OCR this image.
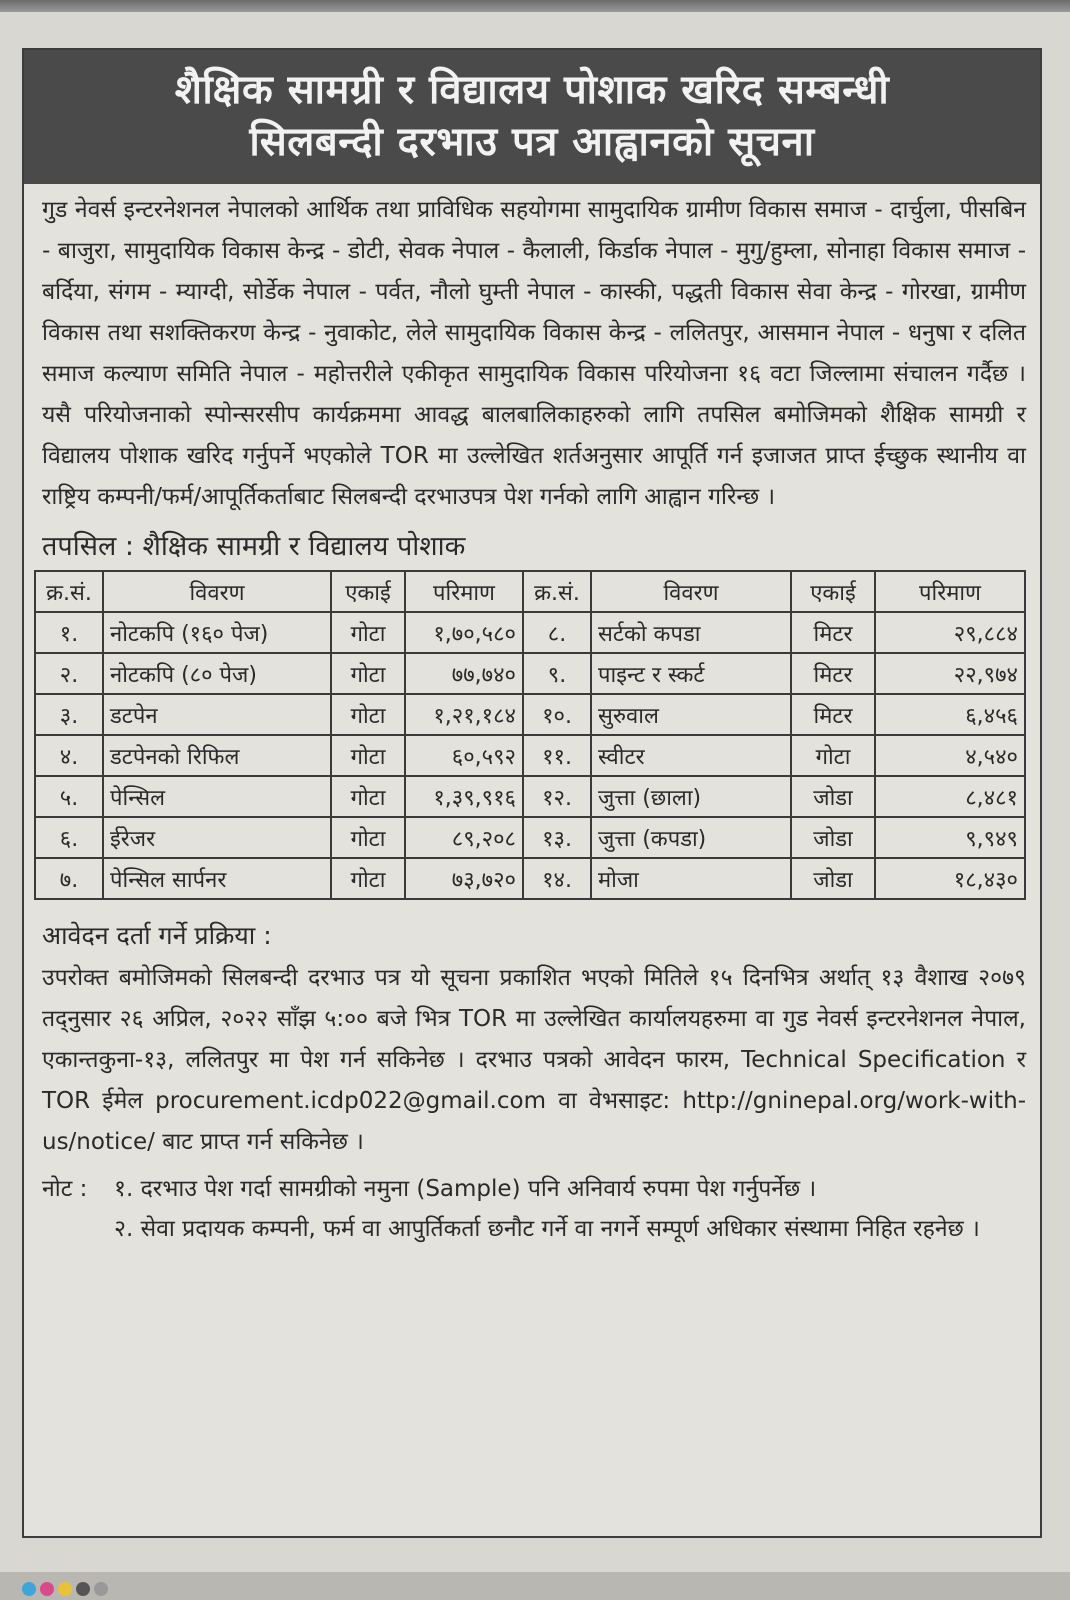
शैक्षिक सामग्री र विद्यालय पोशाक खरिद सम्बन्धी
सिलबन्दी दरभाउ पत्र आह्वानको सूचना
गुड नेवर्स इन्टरनेशनल नेपालको आर्थिक तथा प्राविधिक सहयोगमा सामुदायिक ग्रामीण विकास समाज - दार्चुला, पीसबिन - बाजुरा, सामुदायिक विकास केन्द्र - डोटी, सेवक नेपाल - कैलाली, किर्डाक नेपाल - मुगु/हुम्ला, सोनाहा विकास समाज - बर्दिया, संगम - म्याग्दी, सोर्डेक नेपाल - पर्वत, नौलो घुम्ती नेपाल - कास्की, पद्धती विकास सेवा केन्द्र - गोरखा, ग्रामीण विकास तथा सशक्तिकरण केन्द्र - नुवाकोट, लेले सामुदायिक विकास केन्द्र - ललितपुर, आसमान नेपाल - धनुषा र दलित समाज कल्याण समिति नेपाल - महोत्तरीले एकीकृत सामुदायिक विकास परियोजना १६ वटा जिल्लामा संचालन गर्दैछ । यसै परियोजनाको स्पोन्सरसीप कार्यक्रममा आवद्ध बालबालिकाहरुको लागि तपसिल बमोजिमको शैक्षिक सामग्री र विद्यालय पोशाक खरिद गर्नुपर्ने भएकोले TOR मा उल्लेखित शर्तअनुसार आपूर्ति गर्न इजाजत प्राप्त ईच्छुक स्थानीय वा राष्ट्रिय कम्पनी/फर्म/आपूर्तिकर्ताबाट सिलबन्दी दरभाउपत्र पेश गर्नको लागि आह्वान गरिन्छ ।
तपसिल : शैक्षिक सामग्री र विद्यालय पोशाक
क्र.सं.	विवरण	एकाई	परिमाण	क्र.सं.	विवरण	एकाई	परिमाण
१.	नोटकपि (१६० पेज)	गोटा	१,७०,५८०	८.	सर्टको कपडा	मिटर	२९,८८४
२.	नोटकपि (८० पेज)	गोटा	७७,७४०	९.	पाइन्ट र स्कर्ट	मिटर	२२,९७४
३.	डटपेन	गोटा	१,२१,१८४	१०.	सुरुवाल	मिटर	६,४५६
४.	डटपेनको रिफिल	गोटा	६०,५९२	११.	स्वीटर	गोटा	४,५४०
५.	पेन्सिल	गोटा	१,३९,९१६	१२.	जुत्ता (छाला)	जोडा	८,४८१
६.	ईरेजर	गोटा	८९,२०८	१३.	जुत्ता (कपडा)	जोडा	९,९४९
७.	पेन्सिल सार्पनर	गोटा	७३,७२०	१४.	मोजा	जोडा	१८,४३०
आवेदन दर्ता गर्ने प्रक्रिया :
उपरोक्त बमोजिमको सिलबन्दी दरभाउ पत्र यो सूचना प्रकाशित भएको मितिले १५ दिनभित्र अर्थात् १३ वैशाख २०७९ तद्नुसार २६ अप्रिल, २०२२ साँझ ५:०० बजे भित्र TOR मा उल्लेखित कार्यालयहरुमा वा गुड नेवर्स इन्टरनेशनल नेपाल, एकान्तकुना-१३, ललितपुर मा पेश गर्न सकिनेछ । दरभाउ पत्रको आवेदन फारम, Technical Specification र TOR ईमेल procurement.icdp022@gmail.com वा वेभसाइट: http://gninepal.org/work-with-us/notice/ बाट प्राप्त गर्न सकिनेछ ।
नोट :	१. दरभाउ पेश गर्दा सामग्रीको नमुना (Sample) पनि अनिवार्य रुपमा पेश गर्नुपर्नेछ ।
२. सेवा प्रदायक कम्पनी, फर्म वा आपुर्तिकर्ता छनौट गर्ने वा नगर्ने सम्पूर्ण अधिकार संस्थामा निहित रहनेछ ।
